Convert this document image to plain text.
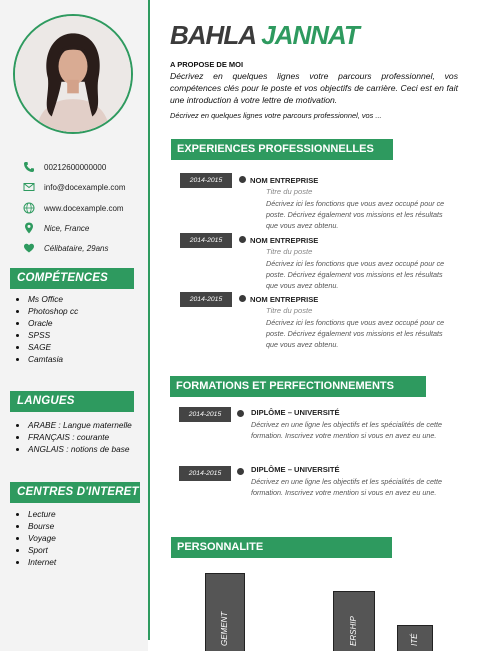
00212600000000
info@docexample.com
www.docexample.com
Nice, France
Célibataire, 29ans
COMPÉTENCES
Ms Office
Photoshop cc
Oracle
SPSS
SAGE
Camtasia
LANGUES
ARABE : Langue maternelle
FRANÇAIS : courante
ANGLAIS : notions de base
CENTRES D'INTERET
Lecture
Bourse
Voyage
Sport
Internet
BAHLA JANNAT
A PROPOSE DE MOI
Décrivez en quelques lignes votre parcours professionnel, vos compétences clés pour le poste et vos objectifs de carrière. Ceci est en fait une introduction à votre lettre de motivation.
Décrivez en quelques lignes votre parcours professionnel, vos ...
EXPERIENCES PROFESSIONNELLES
2014-2015	NOM ENTREPRISE
Titre du poste
Décrivez ici les fonctions que vous avez occupé pour ce poste. Décrivez également vos missions et les résultats que vous avez obtenu.
2014-2015	NOM ENTREPRISE
Titre du poste
Décrivez ici les fonctions que vous avez occupé pour ce poste. Décrivez également vos missions et les résultats que vous avez obtenu.
2014-2015	NOM ENTREPRISE
Titre du poste
Décrivez ici les fonctions que vous avez occupé pour ce poste. Décrivez également vos missions et les résultats que vous avez obtenu.
FORMATIONS ET PERFECTIONNEMENTS
2014-2015	DIPLÔME – UNIVERSITÉ
Décrivez en une ligne les objectifs et les spécialités de cette formation. Inscrivez votre mention si vous en avez eu une.
2014-2015	DIPLÔME – UNIVERSITÉ
Décrivez en une ligne les objectifs et les spécialités de cette formation. Inscrivez votre mention si vous en avez eu une.
PERSONNALITE
GEMENT	ERSHIP	ITÉ
